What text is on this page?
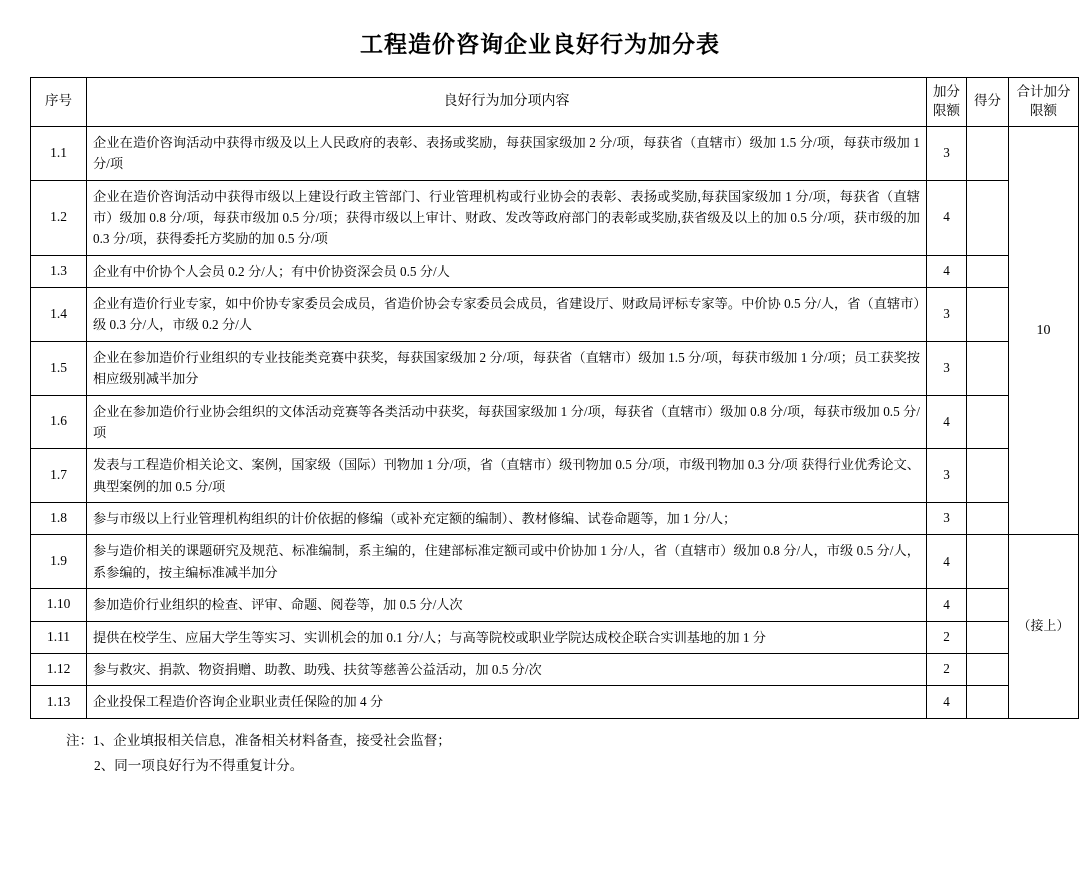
工程造价咨询企业良好行为加分表
序号	良好行为加分项内容	加分限额	得分	合计加分限额
1.1	企业在造价咨询活动中获得市级及以上人民政府的表彰、表扬或奖励，每获国家级加 2 分/项，每获省（直辖市）级加 1.5 分/项，每获市级加 1 分/项	3		10
1.2	企业在造价咨询活动中获得市级以上建设行政主管部门、行业管理机构或行业协会的表彰、表扬或奖励,每获国家级加 1 分/项，每获省（直辖市）级加 0.8 分/项，每获市级加 0.5 分/项；获得市级以上审计、财政、发改等政府部门的表彰或奖励,获省级及以上的加 0.5 分/项，获市级的加 0.3 分/项，获得委托方奖励的加 0.5 分/项	4		
1.3	企业有中价协个人会员 0.2 分/人；有中价协资深会员 0.5 分/人	4		
1.4	企业有造价行业专家，如中价协专家委员会成员，省造价协会专家委员会成员，省建设厅、财政局评标专家等。中价协 0.5 分/人，省（直辖市）级 0.3 分/人，市级 0.2 分/人	3		
1.5	企业在参加造价行业组织的专业技能类竞赛中获奖，每获国家级加 2 分/项，每获省（直辖市）级加 1.5 分/项，每获市级加 1 分/项；员工获奖按相应级别减半加分	3		
1.6	企业在参加造价行业协会组织的文体活动竞赛等各类活动中获奖，每获国家级加 1 分/项，每获省（直辖市）级加 0.8 分/项，每获市级加 0.5 分/项	4		
1.7	发表与工程造价相关论文、案例，国家级（国际）刊物加 1 分/项，省（直辖市）级刊物加 0.5 分/项，市级刊物加 0.3 分/项 获得行业优秀论文、典型案例的加 0.5 分/项	3		
1.8	参与市级以上行业管理机构组织的计价依据的修编（或补充定额的编制）、教材修编、试卷命题等，加 1 分/人；	3		
1.9	参与造价相关的课题研究及规范、标准编制，系主编的，住建部标准定额司或中价协加 1 分/人，省（直辖市）级加 0.8 分/人，市级 0.5 分/人，系参编的，按主编标准减半加分	4		（接上）
1.10	参加造价行业组织的检查、评审、命题、阅卷等，加 0.5 分/人次	4		
1.11	提供在校学生、应届大学生等实习、实训机会的加 0.1 分/人；与高等院校或职业学院达成校企联合实训基地的加 1 分	2		
1.12	参与救灾、捐款、物资捐赠、助教、助残、扶贫等慈善公益活动，加 0.5 分/次	2		
1.13	企业投保工程造价咨询企业职业责任保险的加 4 分	4		
注：1、企业填报相关信息，准备相关材料备查，接受社会监督；
2、同一项良好行为不得重复计分。
